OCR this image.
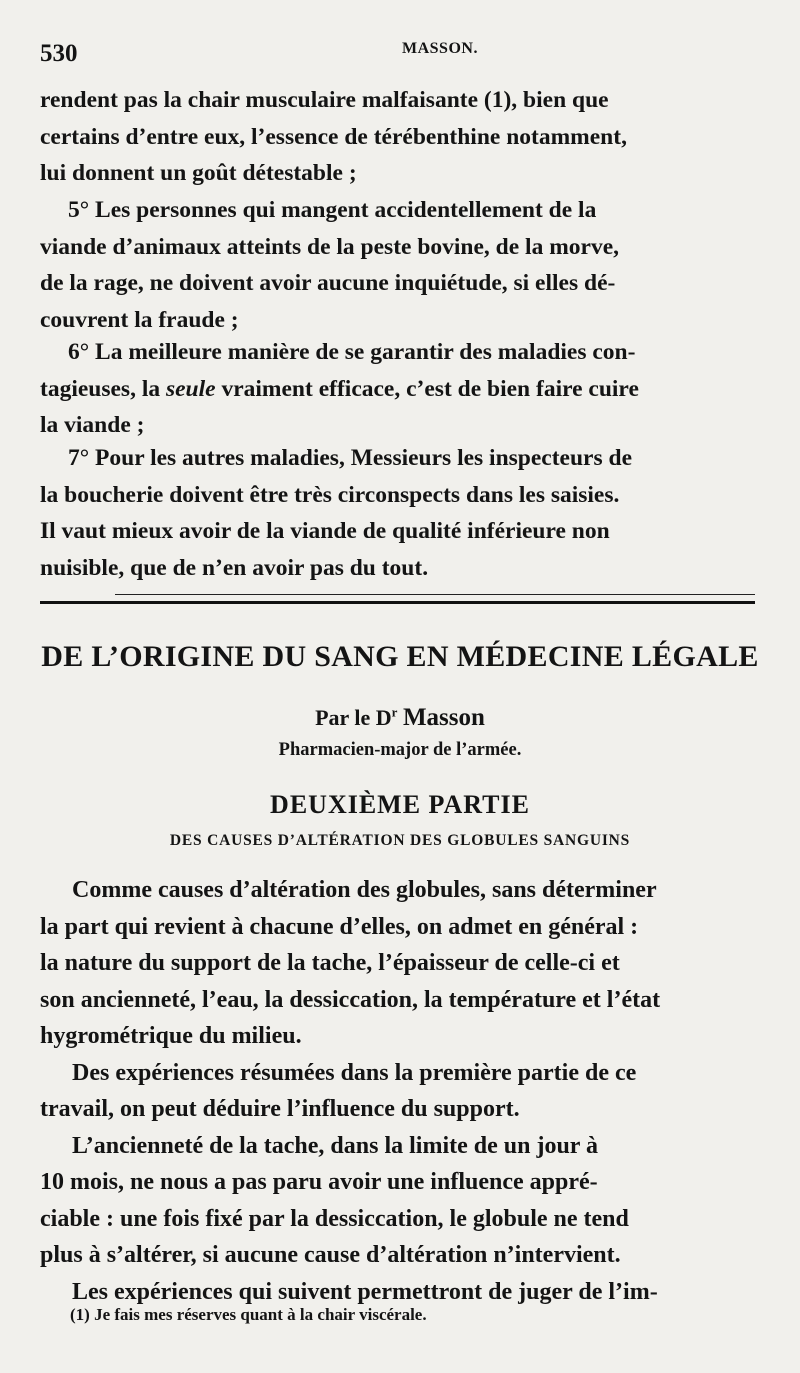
530	MASSON.

rendent pas la chair musculaire malfaisante (1), bien que

certains d’entre eux, l’essence de térébenthine notamment,

lui donnent un goût détestable ;

5° Les personnes qui mangent accidentellement de la

viande d’animaux atteints de la peste bovine, de la morve,

de la rage, ne doivent avoir aucune inquiétude, si elles dé-

couvrent la fraude ;

6° La meilleure manière de se garantir des maladies con-

tagieuses, la seule vraiment efficace, c’est de bien faire cuire

la viande ;

7° Pour les autres maladies, Messieurs les inspecteurs de

la boucherie doivent être très circonspects dans les saisies.

Il vaut mieux avoir de la viande de qualité inférieure non

nuisible, que de n’en avoir pas du tout.

DE L’ORIGINE DU SANG EN MÉDECINE LÉGALE
Par le $D^r$ Masson
Pharmacien-major de l’armée.
DEUXIÈME PARTIE
DES CAUSES D’ALTÉRATION DES GLOBULES SANGUINS

Comme causes d’altération des globules, sans déterminer

la part qui revient à chacune d’elles, on admet en général :

la nature du support de la tache, l’épaisseur de celle-ci et

son ancienneté, l’eau, la dessiccation, la température et l’état

hygrométrique du milieu.

Des expériences résumées dans la première partie de ce

travail, on peut déduire l’influence du support.

L’ancienneté de la tache, dans la limite de un jour à

10 mois, ne nous a pas paru avoir une influence appré-

ciable : une fois fixé par la dessiccation, le globule ne tend

plus à s’altérer, si aucune cause d’altération n’intervient.

Les expériences qui suivent permettront de juger de l’im-

(1) Je fais mes réserves quant à la chair viscérale.
